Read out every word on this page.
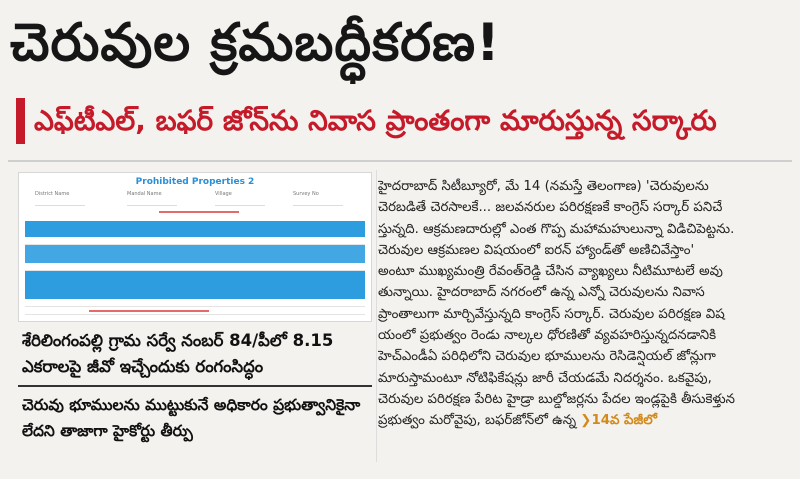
చెరువుల క్రమబద్ధీకరణ!
ఎఫ్‌టీఎల్, బఫర్ జోన్‌ను నివాస ప్రాంతంగా మారుస్తున్న సర్కారు
Prohibited Properties 2
District Name	Mandal Name	Village	Survey No
శేరిలింగంపల్లి గ్రామ సర్వే నంబర్ 84/పీలో 8.15 ఎకరాలపై జీవో ఇచ్చేందుకు రంగంసిద్ధం
చెరువు భూములను ముట్టుకునే అధికారం ప్రభుత్వానికైనా లేదని తాజాగా హైకోర్టు తీర్పు
హైదరాబాద్ సిటీబ్యూరో, మే 14 (నమస్తే తెలంగాణ) 'చెరువులను
చెరబడితే చెరసాలకే... జలవనరుల పరిరక్షణకే కాంగ్రెస్ సర్కార్ పనిచే
స్తున్నది. ఆక్రమణదారుల్లో ఎంత గొప్ప మహామహులున్నా విడిచిపెట్టను.
చెరువుల ఆక్రమణల విషయంలో ఐరన్ హ్యాండ్‌తో అణిచివేస్తాం'
అంటూ ముఖ్యమంత్రి రేవంత్‌రెడ్డి చేసిన వ్యాఖ్యలు నీటిమూటలే అవు
తున్నాయి. హైదరాబాద్ నగరంలో ఉన్న ఎన్నో చెరువులను నివాస
ప్రాంతాలుగా మార్చివేస్తున్నది కాంగ్రెస్ సర్కార్. చెరువుల పరిరక్షణ విష
యంలో ప్రభుత్వం రెండు నాల్కల ధోరణితో వ్యవహరిస్తున్నదనడానికి
హెచ్‌ఎండీఏ పరిధిలోని చెరువుల భూములను రెసిడెన్షియల్ జోన్లుగా
మారుస్తామంటూ నోటిఫికేషన్లు జారీ చేయడమే నిదర్శనం. ఒకవైపు,
చెరువుల పరిరక్షణ పేరిట హైడ్రా బుల్డోజర్లను పేదల ఇండ్లపైకి తీసుకెళ్తున
ప్రభుత్వం మరోవైపు, బఫర్‌జోన్‌లో ఉన్న ❯14వ పేజీలో
